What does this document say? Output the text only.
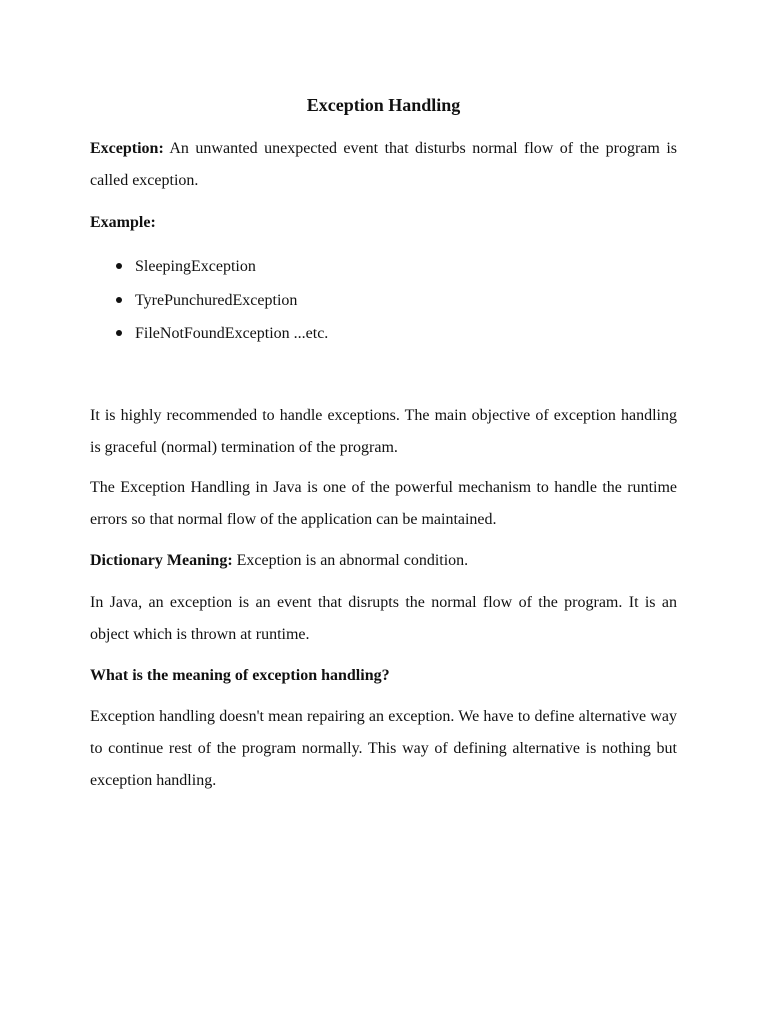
Exception Handling

Exception: An unwanted unexpected event that disturbs normal flow of the program is called exception.

Example:

SleepingException
TyrePunchuredException
FileNotFoundException ...etc.

It is highly recommended to handle exceptions. The main objective of exception handling is graceful (normal) termination of the program.

The Exception Handling in Java is one of the powerful mechanism to handle the runtime errors so that normal flow of the application can be maintained.

Dictionary Meaning: Exception is an abnormal condition.

In Java, an exception is an event that disrupts the normal flow of the program. It is an object which is thrown at runtime.

What is the meaning of exception handling?

Exception handling doesn't mean repairing an exception. We have to define alternative way to continue rest of the program normally. This way of defining alternative is nothing but exception handling.
